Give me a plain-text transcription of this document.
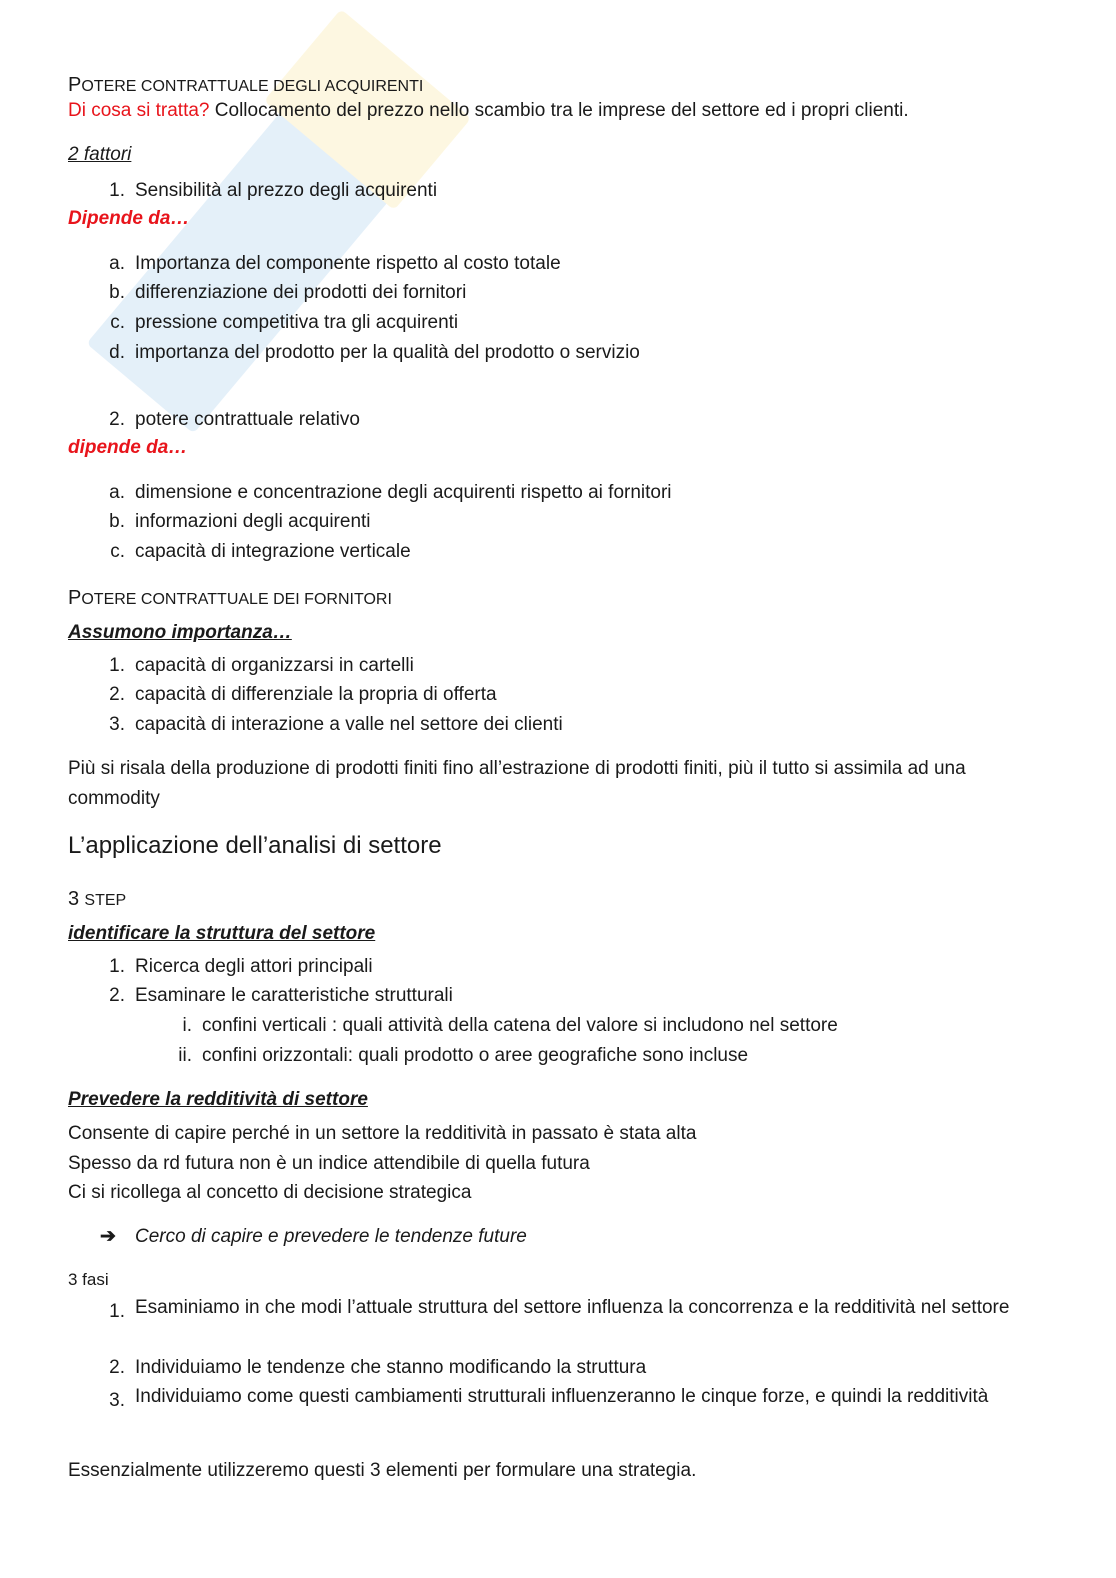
POTERE CONTRATTUALE DEGLI ACQUIRENTI
Di cosa si tratta? Collocamento del prezzo nello scambio tra le imprese del settore ed i propri clienti.
2 fattori
1. Sensibilità al prezzo degli acquirenti
Dipende da…
a. Importanza del componente rispetto al costo totale
b. differenziazione dei prodotti dei fornitori
c. pressione competitiva tra gli acquirenti
d. importanza del prodotto per la qualità del prodotto o servizio
2. potere contrattuale relativo
dipende da…
a. dimensione e concentrazione degli acquirenti rispetto ai fornitori
b. informazioni degli acquirenti
c. capacità di integrazione verticale
POTERE CONTRATTUALE DEI FORNITORI
Assumono importanza…
1. capacità di organizzarsi in cartelli
2. capacità di differenziale la propria di offerta
3. capacità di interazione a valle nel settore dei clienti
Più si risala della produzione di prodotti finiti fino all’estrazione di prodotti finiti, più il tutto si assimila ad una commodity
L’applicazione dell’analisi di settore
3 STEP
identificare la struttura del settore
1. Ricerca degli attori principali
2. Esaminare le caratteristiche strutturali
i. confini verticali : quali attività della catena del valore si includono nel settore
ii. confini orizzontali: quali prodotto o aree geografiche sono incluse
Prevedere la redditività di settore
Consente di capire perché in un settore la redditività in passato è stata alta
Spesso da rd futura non è un indice attendibile di quella futura
Ci si ricollega al concetto di decisione strategica
➔ Cerco di capire e prevedere le tendenze future
3 fasi
1. Esaminiamo in che modi l’attuale struttura del settore influenza la concorrenza e la redditività nel settore
2. Individuiamo le tendenze che stanno modificando la struttura
3. Individuiamo come questi cambiamenti strutturali influenzeranno le cinque forze, e quindi la redditività
Essenzialmente utilizzeremo questi 3 elementi per formulare una strategia.
